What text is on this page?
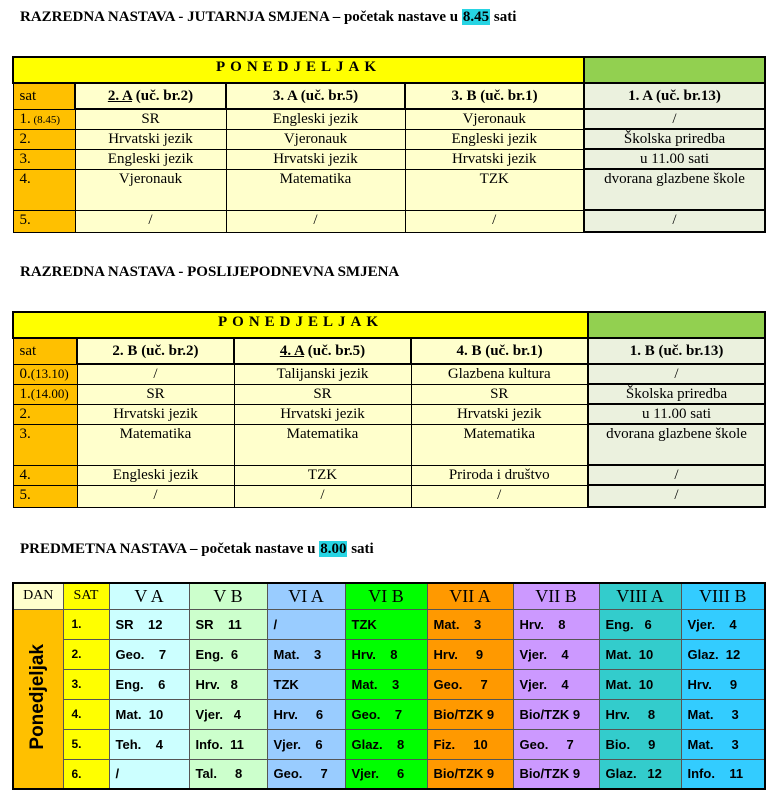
RAZREDNA NASTAVA - JUTARNJA SMJENA – početak nastave u 8.45 sati
PONEDJELJAK				
sat	2. A (uč. br.2)	3. A (uč. br.5)	3. B (uč. br.1)	1. A (uč. br.13)
1. (8.45)	SR	Engleski jezik	Vjeronauk	/
2.	Hrvatski jezik	Vjeronauk	Engleski jezik	Školska priredba
3.	Engleski jezik	Hrvatski jezik	Hrvatski jezik	u 11.00 sati
4.	Vjeronauk	Matematika	TZK	dvorana glazbene škole
5.	/	/	/	/
RAZREDNA NASTAVA - POSLIJEPODNEVNA SMJENA
PONEDJELJAK				
sat	2. B (uč. br.2)	4. A (uč. br.5)	4. B (uč. br.1)	1. B (uč. br.13)
0.(13.10)	/	Talijanski jezik	Glazbena kultura	/
1.(14.00)	SR	SR	SR	Školska priredba
2.	Hrvatski jezik	Hrvatski jezik	Hrvatski jezik	u 11.00 sati
3.	Matematika	Matematika	Matematika	dvorana glazbene škole
4.	Engleski jezik	TZK	Priroda i društvo	/
5.	/	/	/	/
PREDMETNA NASTAVA – početak nastave u 8.00 sati
DAN	SAT	V A	V B	VI A	VI B	VII A	VII B	VIII A	VIII B
Ponedjeljak	1.	SR    12	SR    11	/	TZK	Mat.    3	Hrv.    8	Eng.   6	Vjer.    4
	2.	Geo.    7	Eng.  6	Mat.    3	Hrv.    8	Hrv.     9	Vjer.    4	Mat.  10	Glaz.  12
	3.	Eng.    6	Hrv.   8	TZK	Mat.    3	Geo.     7	Vjer.    4	Mat.  10	Hrv.     9
	4.	Mat.  10	Vjer.   4	Hrv.     6	Geo.    7	Bio/TZK 9	Bio/TZK 9	Hrv.     8	Mat.     3
	5.	Teh.    4	Info.  11	Vjer.    6	Glaz.    8	Fiz.     10	Geo.     7	Bio.     9	Mat.     3
	6.	/	Tal.     8	Geo.     7	Vjer.     6	Bio/TZK 9	Bio/TZK 9	Glaz.   12	Info.    11
